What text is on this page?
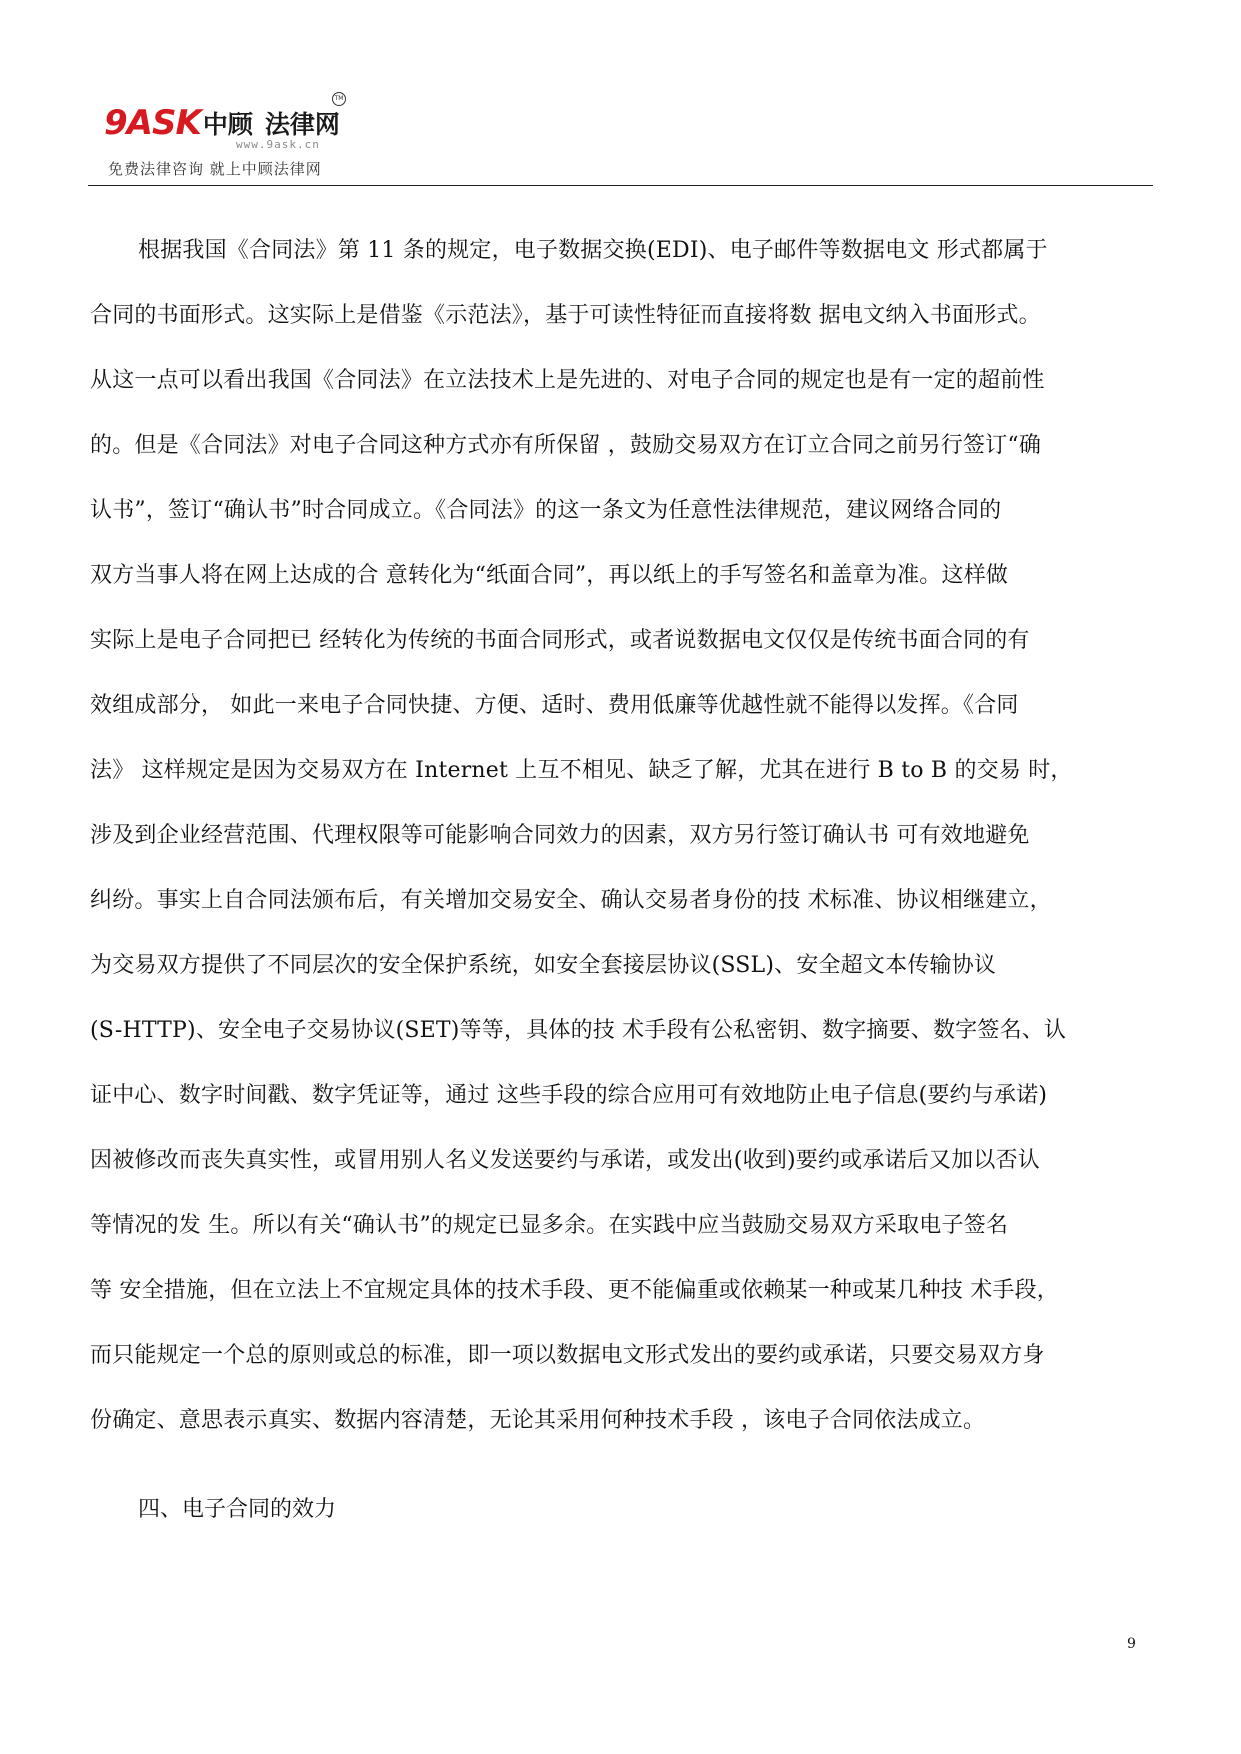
TM
9ASK 中顾 法律网
www.9ask.cn
免费法律咨询 就上中顾法律网
根据我国《合同法》第 11 条的规定，电子数据交换(EDI)、电子邮件等数据电文 形式都属于
合同的书面形式。这实际上是借鉴《示范法》，基于可读性特征而直接将数 据电文纳入书面形式。
从这一点可以看出我国《合同法》在立法技术上是先进的、对电子合同的规定也是有一定的超前性
的。但是《合同法》对电子合同这种方式亦有所保留 ，鼓励交易双方在订立合同之前另行签订“确
认书”，签订“确认书”时合同成立。《合同法》的这一条文为任意性法律规范，建议网络合同的
双方当事人将在网上达成的合 意转化为“纸面合同”，再以纸上的手写签名和盖章为准。这样做
实际上是电子合同把已 经转化为传统的书面合同形式，或者说数据电文仅仅是传统书面合同的有
效组成部分， 如此一来电子合同快捷、方便、适时、费用低廉等优越性就不能得以发挥。《合同
法》 这样规定是因为交易双方在 Internet 上互不相见、缺乏了解，尤其在进行 B to B 的交易 时，
涉及到企业经营范围、代理权限等可能影响合同效力的因素，双方另行签订确认书 可有效地避免
纠纷。事实上自合同法颁布后，有关增加交易安全、确认交易者身份的技 术标准、协议相继建立，
为交易双方提供了不同层次的安全保护系统，如安全套接层协议(SSL)、安全超文本传输协议
(S-HTTP)、安全电子交易协议(SET)等等，具体的技 术手段有公私密钥、数字摘要、数字签名、认
证中心、数字时间戳、数字凭证等，通过 这些手段的综合应用可有效地防止电子信息(要约与承诺)
因被修改而丧失真实性，或冒用别人名义发送要约与承诺，或发出(收到)要约或承诺后又加以否认
等情况的发 生。所以有关“确认书”的规定已显多余。在实践中应当鼓励交易双方采取电子签名
等 安全措施，但在立法上不宜规定具体的技术手段、更不能偏重或依赖某一种或某几种技 术手段，
而只能规定一个总的原则或总的标准，即一项以数据电文形式发出的要约或承诺，只要交易双方身
份确定、意思表示真实、数据内容清楚，无论其采用何种技术手段 ，该电子合同依法成立。
四、电子合同的效力
9
